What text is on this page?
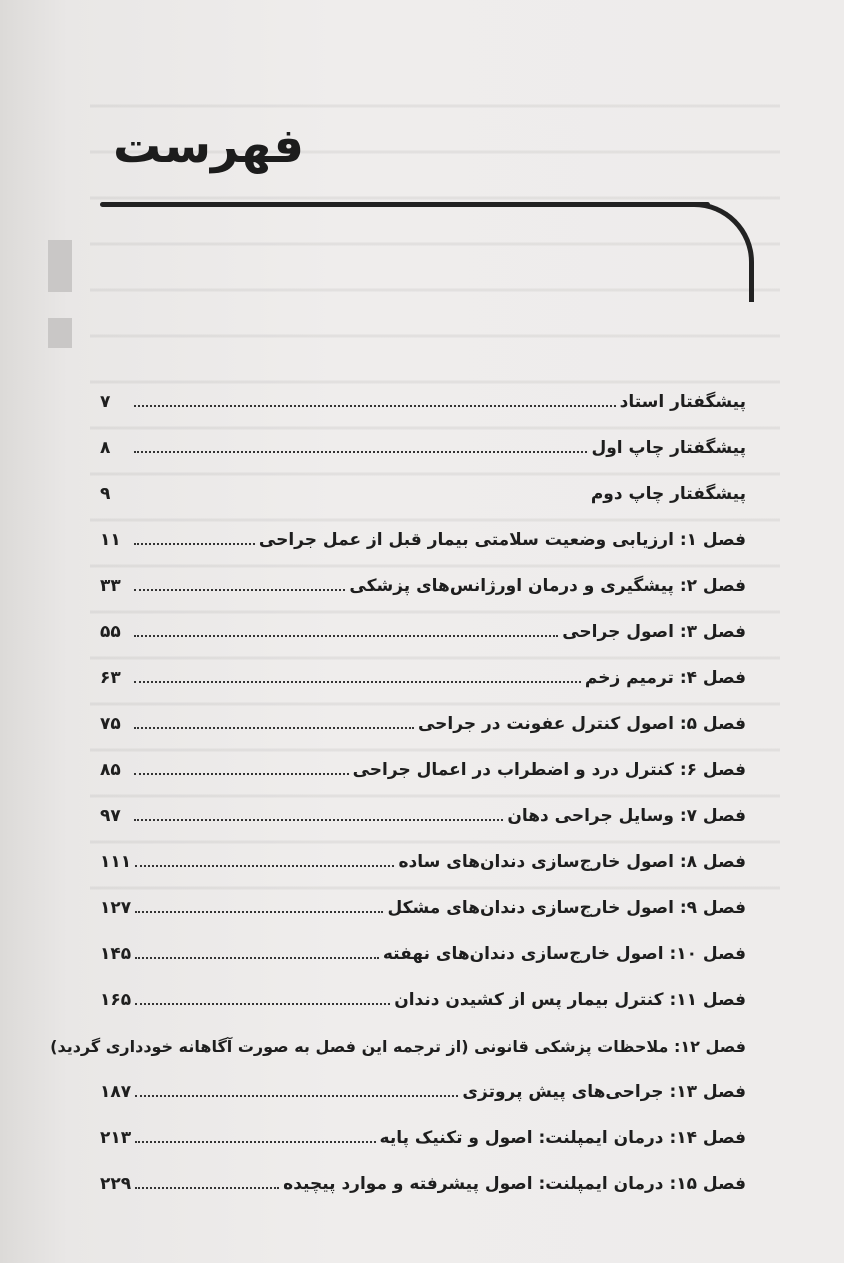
فهرست
پیشگفتار استاد
۷
پیشگفتار چاپ اول
۸
پیشگفتار چاپ دوم
۹
فصل ۱: ارزیابی وضعیت سلامتی بیمار قبل از عمل جراحی
۱۱
فصل ۲: پیشگیری و درمان اورژانس‌های پزشکی
۳۳
فصل ۳: اصول جراحی
۵۵
فصل ۴: ترمیم زخم
۶۳
فصل ۵: اصول کنترل عفونت در جراحی
۷۵
فصل ۶: کنترل درد و اضطراب در اعمال جراحی
۸۵
فصل ۷: وسایل جراحی دهان
۹۷
فصل ۸: اصول خارج‌سازی دندان‌های ساده
۱۱۱
فصل ۹: اصول خارج‌سازی دندان‌های مشکل
۱۲۷
فصل ۱۰: اصول خارج‌سازی دندان‌های نهفته
۱۴۵
فصل ۱۱: کنترل بیمار پس از کشیدن دندان
۱۶۵
فصل ۱۲: ملاحظات پزشکی قانونی (از ترجمه این فصل به صورت آگاهانه خودداری گردید)
فصل ۱۳: جراحی‌های پیش پروتزی
۱۸۷
فصل ۱۴: درمان ایمپلنت: اصول و تکنیک پایه
۲۱۳
فصل ۱۵: درمان ایمپلنت: اصول پیشرفته و موارد پیچیده
۲۲۹
